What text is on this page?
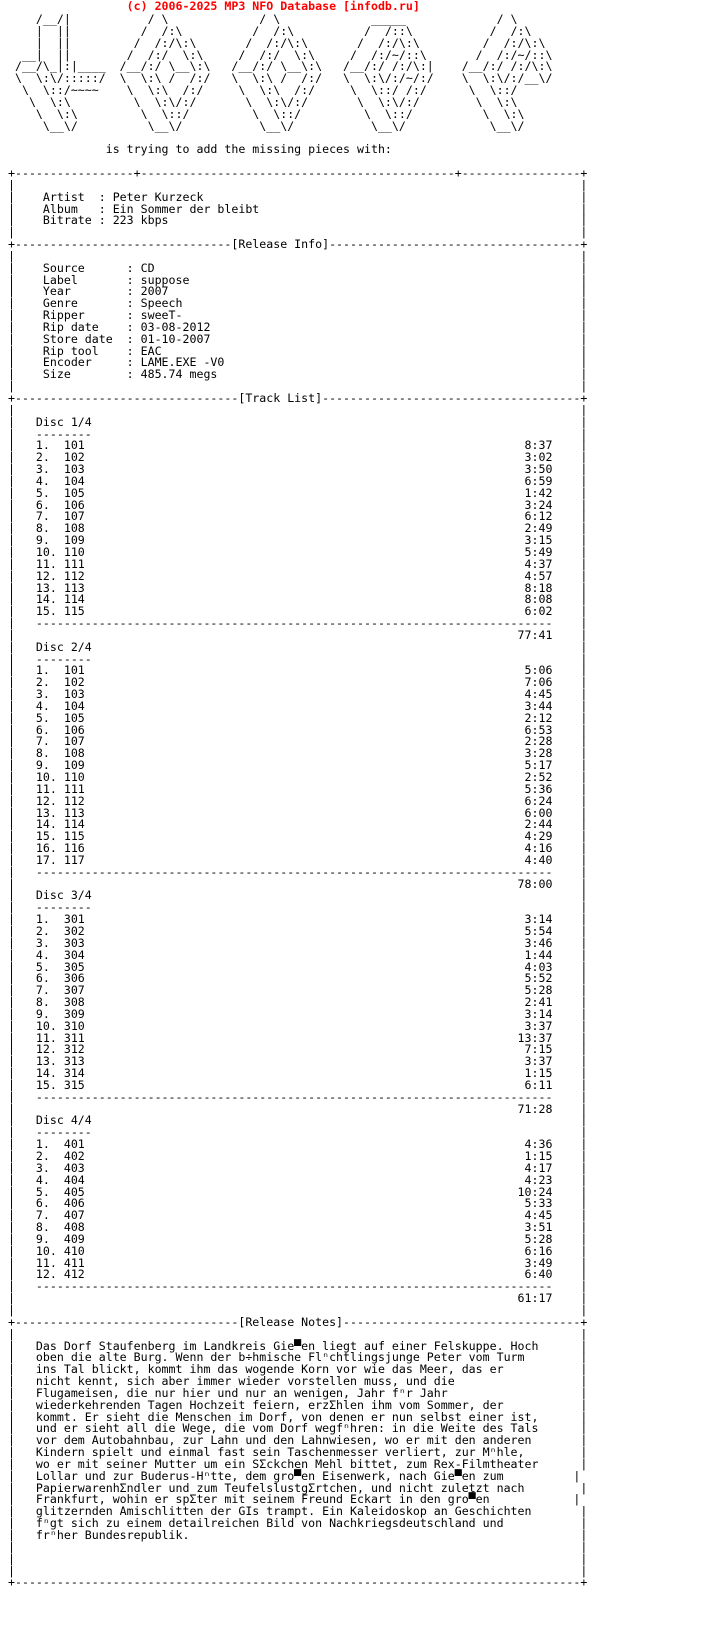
(c) 2006-2025 MP3 NFO Database [infodb.ru]
/__/|           / \             / \             _____             / \
|  ||          /  /:\          /  /:\          /  /::\           /  /:\
|  ||         /  /:/\:\       /  /:/\:\       /  /:/\:\         /  /:/\:\
__|  ||        /  /:/  \:\     /  /:/  \:\     /  /:/~/::\       /  /:/~/::\
/__/\_|:|____  /__/:/ \__\:\   /__/:/ \__\:\   /__/:/ /:/\:|    /__/:/ /:/\:\
\  \:\/:::::/  \  \:\ /  /:/   \  \:\ /  /:/   \  \:\/:/~/:/    \  \:\/:/__\/
\  \::/~~~~    \  \:\  /:/     \  \:\  /:/     \  \::/ /:/      \  \::/
\  \:\         \  \:\/:/       \  \:\/:/       \  \:\/:/        \  \:\
\  \:\         \  \::/         \  \::/         \  \::/          \  \:\
\__\/          \__\/           \__\/           \__\/            \__\/

is trying to add the missing pieces with:

+-----------------+---------------------------------------------+-----------------+
|                                                                                 |
|    Artist  : Peter Kurzeck                                                      |
|    Album   : Ein Sommer der bleibt                                              |
|    Bitrate : 223 kbps                                                           |
|                                                                                 |
+-------------------------------[Release Info]------------------------------------+
|                                                                                 |
|    Source      : CD                                                             |
|    Label       : suppose                                                        |
|    Year        : 2007                                                           |
|    Genre       : Speech                                                         |
|    Ripper      : sweeT-                                                         |
|    Rip date    : 03-08-2012                                                     |
|    Store date  : 01-10-2007                                                     |
|    Rip tool    : EAC                                                            |
|    Encoder     : LAME.EXE -V0                                                   |
|    Size        : 485.74 megs                                                    |
|                                                                                 |
+--------------------------------[Track List]-------------------------------------+
|                                                                                 |
|   Disc 1/4                                                                      |
|   --------                                                                      |
|   1.  101                                                               8:37    |
|   2.  102                                                               3:02    |
|   3.  103                                                               3:50    |
|   4.  104                                                               6:59    |
|   5.  105                                                               1:42    |
|   6.  106                                                               3:24    |
|   7.  107                                                               6:12    |
|   8.  108                                                               2:49    |
|   9.  109                                                               3:15    |
|   10. 110                                                               5:49    |
|   11. 111                                                               4:37    |
|   12. 112                                                               4:57    |
|   13. 113                                                               8:18    |
|   14. 114                                                               8:08    |
|   15. 115                                                               6:02    |
|   --------------------------------------------------------------------------    |
|                                                                        77:41    |
|   Disc 2/4                                                                      |
|   --------                                                                      |
|   1.  101                                                               5:06    |
|   2.  102                                                               7:06    |
|   3.  103                                                               4:45    |
|   4.  104                                                               3:44    |
|   5.  105                                                               2:12    |
|   6.  106                                                               6:53    |
|   7.  107                                                               2:28    |
|   8.  108                                                               3:28    |
|   9.  109                                                               5:17    |
|   10. 110                                                               2:52    |
|   11. 111                                                               5:36    |
|   12. 112                                                               6:24    |
|   13. 113                                                               6:00    |
|   14. 114                                                               2:44    |
|   15. 115                                                               4:29    |
|   16. 116                                                               4:16    |
|   17. 117                                                               4:40    |
|   --------------------------------------------------------------------------    |
|                                                                        78:00    |
|   Disc 3/4                                                                      |
|   --------                                                                      |
|   1.  301                                                               3:14    |
|   2.  302                                                               5:54    |
|   3.  303                                                               3:46    |
|   4.  304                                                               1:44    |
|   5.  305                                                               4:03    |
|   6.  306                                                               5:52    |
|   7.  307                                                               5:28    |
|   8.  308                                                               2:41    |
|   9.  309                                                               3:14    |
|   10. 310                                                               3:37    |
|   11. 311                                                              13:37    |
|   12. 312                                                               7:15    |
|   13. 313                                                               3:37    |
|   14. 314                                                               1:15    |
|   15. 315                                                               6:11    |
|   --------------------------------------------------------------------------    |
|                                                                        71:28    |
|   Disc 4/4                                                                      |
|   --------                                                                      |
|   1.  401                                                               4:36    |
|   2.  402                                                               1:15    |
|   3.  403                                                               4:17    |
|   4.  404                                                               4:23    |
|   5.  405                                                              10:24    |
|   6.  406                                                               5:33    |
|   7.  407                                                               4:45    |
|   8.  408                                                               3:51    |
|   9.  409                                                               5:28    |
|   10. 410                                                               6:16    |
|   11. 411                                                               3:49    |
|   12. 412                                                               6:40    |
|   --------------------------------------------------------------------------    |
|                                                                        61:17    |
|                                                                                 |
+--------------------------------[Release Notes]----------------------------------+
|                                                                                 |
|   Das Dorf Staufenberg im Landkreis Gie▀en liegt auf einer Felskuppe. Hoch      |
|   oben die alte Burg. Wenn der b÷hmische Flⁿchtlingsjunge Peter vom Turm        |
|   ins Tal blickt, kommt ihm das wogende Korn vor wie das Meer, das er           |
|   nicht kennt, sich aber immer wieder vorstellen muss, und die                  |
|   Flugameisen, die nur hier und nur an wenigen, Jahr fⁿr Jahr                   |
|   wiederkehrenden Tagen Hochzeit feiern, erzΣhlen ihm vom Sommer, der           |
|   kommt. Er sieht die Menschen im Dorf, von denen er nun selbst einer ist,      |
|   und er sieht all die Wege, die vom Dorf wegfⁿhren: in die Weite des Tals      |
|   vor dem Autobahnbau, zur Lahn und den Lahnwiesen, wo er mit den anderen       |
|   Kindern spielt und einmal fast sein Taschenmesser verliert, zur Mⁿhle,        |
|   wo er mit seiner Mutter um ein SΣckchen Mehl bittet, zum Rex-Filmtheater      |
|   Lollar und zur Buderus-Hⁿtte, dem gro▀en Eisenwerk, nach Gie▀en zum          |
|   PapierwarenhΣndler und zum TeufelslustgΣrtchen, und nicht zuletzt nach        |
|   Frankfurt, wohin er spΣter mit seinem Freund Eckart in den gro▀en            |
|   glitzernden Amischlitten der GIs trampt. Ein Kaleidoskop an Geschichten       |
|   fⁿgt sich zu einem detailreichen Bild von Nachkriegsdeutschland und           |
|   frⁿher Bundesrepublik.                                                        |
|                                                                                 |
|                                                                                 |
|                                                                                 |
+---------------------------------------------------------------------------------+
